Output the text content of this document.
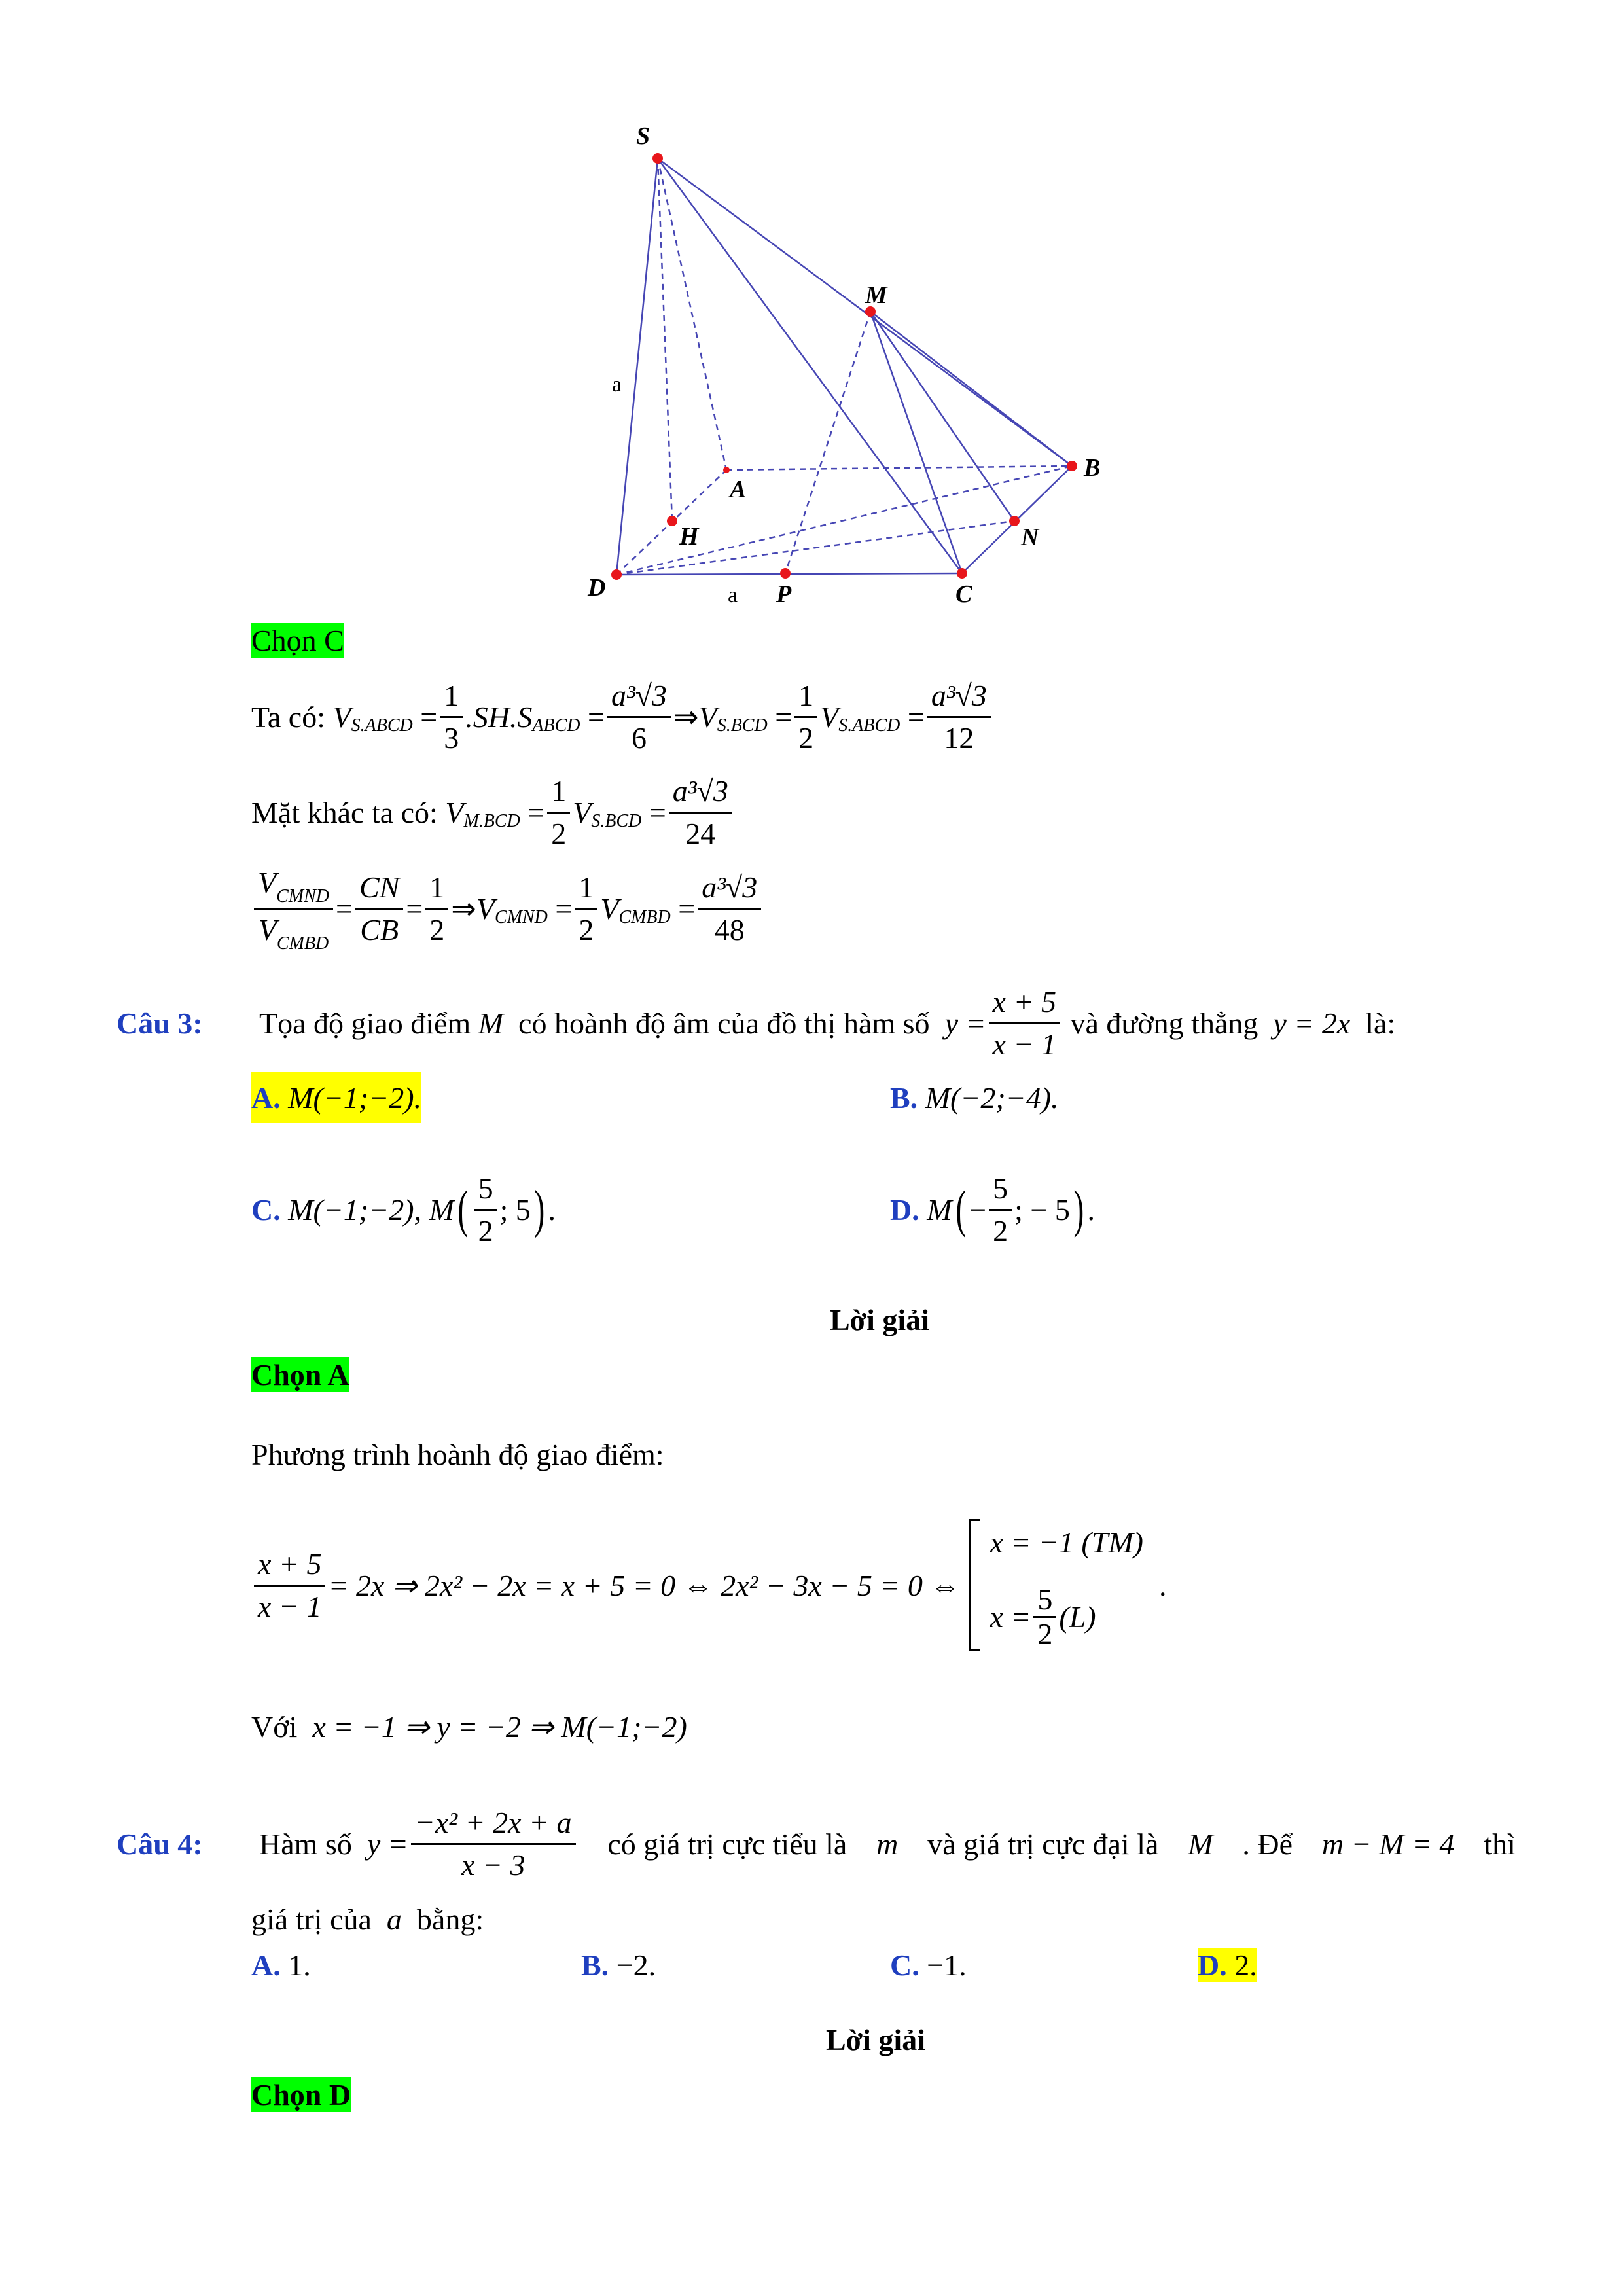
S
M
B
A
H	N
D	P	C
a
a
Chọn C
Ta có:
V S.ABCD
= $\frac{1}{3} .SH.S$ ABCD
= $\frac{\text{a³√3}}{6}$ ⇒ V S.BCD
= $\frac{1}{2}$ V S.ABCD
= $\frac{\text{a³√3}}{12}$
Mặt khác ta có:
V M.BCD
= $\frac{1}{2}$ V S.BCD
= $\frac{\text{a³√3}}{24}$
$\frac{V_{CMND}}{V_{CMBD}} = \frac{CN}{CB} = \frac{1}{2}$ ⇒ V CMND
= $\frac{1}{2}$ V CMBD
= $\frac{\text{a³√3}}{48}$
Câu 3:	Tọa độ giao điểm
M
có hoành độ âm của đồ thị hàm số
$y = \frac{x + 5}{x - 1}$
và đường thẳng
y = 2x
là:
A.
M(−1;−2).	B.
M(−2;−4).
C.
M(−1;−2), M ( $\frac{5}{2}$ ; 5 ) .	D.
M ( − $\frac{5}{2}$ ; − 5 ) .
Lời giải
Chọn A
Phương trình hoành độ giao điểm:
$\frac{x + 5}{x - 1} = 2x$ ⇒ 2x² − 2x = x + 5 = 0 ⇔ 2x² − 3x − 5 = 0 ⇔
x = −1 (TM)
$x = \frac{5}{2} (L)$
.
Với
x = −1 ⇒ y = −2 ⇒ M(−1;−2)
Câu 4:	Hàm số
$y = \frac{\text{−x² + 2x + a}}{x - 3}$ có giá trị cực tiểu là m và giá trị cực đại là M . Để m − M = 4 thì
giá trị của a bằng:
A. 1.	B. −2.	C. −1.	D. 2.
Lời giải
Chọn D
